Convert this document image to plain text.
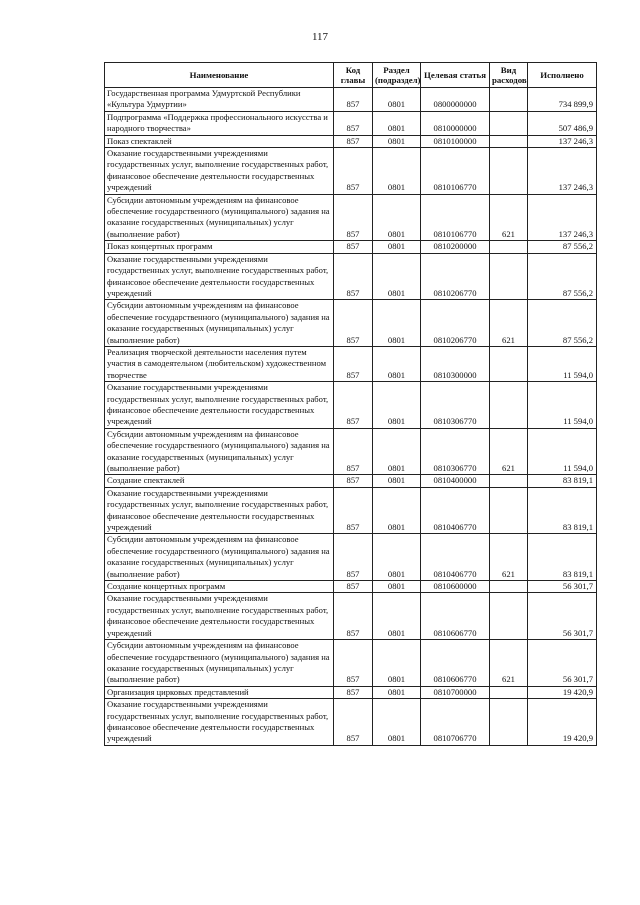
117
Наименование	Код главы	Раздел (подраздел)	Целевая статья	Вид расходов	Исполнено
Государственная программа Удмуртской Республики «Культура Удмуртии»	857	0801	0800000000		734 899,9
Подпрограмма «Поддержка профессионального искусства и народного творчества»	857	0801	0810000000		507 486,9
Показ спектаклей	857	0801	0810100000		137 246,3
Оказание государственными учреждениями государственных услуг, выполнение государственных работ, финансовое обеспечение деятельности государственных учреждений	857	0801	0810106770		137 246,3
Субсидии автономным учреждениям на финансовое обеспечение государственного (муниципального) задания на оказание государственных (муниципальных) услуг (выполнение работ)	857	0801	0810106770	621	137 246,3
Показ концертных программ	857	0801	0810200000		87 556,2
Оказание государственными учреждениями государственных услуг, выполнение государственных работ, финансовое обеспечение деятельности государственных учреждений	857	0801	0810206770		87 556,2
Субсидии автономным учреждениям на финансовое обеспечение государственного (муниципального) задания на оказание государственных (муниципальных) услуг (выполнение работ)	857	0801	0810206770	621	87 556,2
Реализация творческой деятельности населения путем участия в самодеятельном (любительском) художественном творчестве	857	0801	0810300000		11 594,0
Оказание государственными учреждениями государственных услуг, выполнение государственных работ, финансовое обеспечение деятельности государственных учреждений	857	0801	0810306770		11 594,0
Субсидии автономным учреждениям на финансовое обеспечение государственного (муниципального) задания на оказание государственных (муниципальных) услуг (выполнение работ)	857	0801	0810306770	621	11 594,0
Создание спектаклей	857	0801	0810400000		83 819,1
Оказание государственными учреждениями государственных услуг, выполнение государственных работ, финансовое обеспечение деятельности государственных учреждений	857	0801	0810406770		83 819,1
Субсидии автономным учреждениям на финансовое обеспечение государственного (муниципального) задания на оказание государственных (муниципальных) услуг (выполнение работ)	857	0801	0810406770	621	83 819,1
Создание концертных программ	857	0801	0810600000		56 301,7
Оказание государственными учреждениями государственных услуг, выполнение государственных работ, финансовое обеспечение деятельности государственных учреждений	857	0801	0810606770		56 301,7
Субсидии автономным учреждениям на финансовое обеспечение государственного (муниципального) задания на оказание государственных (муниципальных) услуг (выполнение работ)	857	0801	0810606770	621	56 301,7
Организация цирковых представлений	857	0801	0810700000		19 420,9
Оказание государственными учреждениями государственных услуг, выполнение государственных работ, финансовое обеспечение деятельности государственных учреждений	857	0801	0810706770		19 420,9
